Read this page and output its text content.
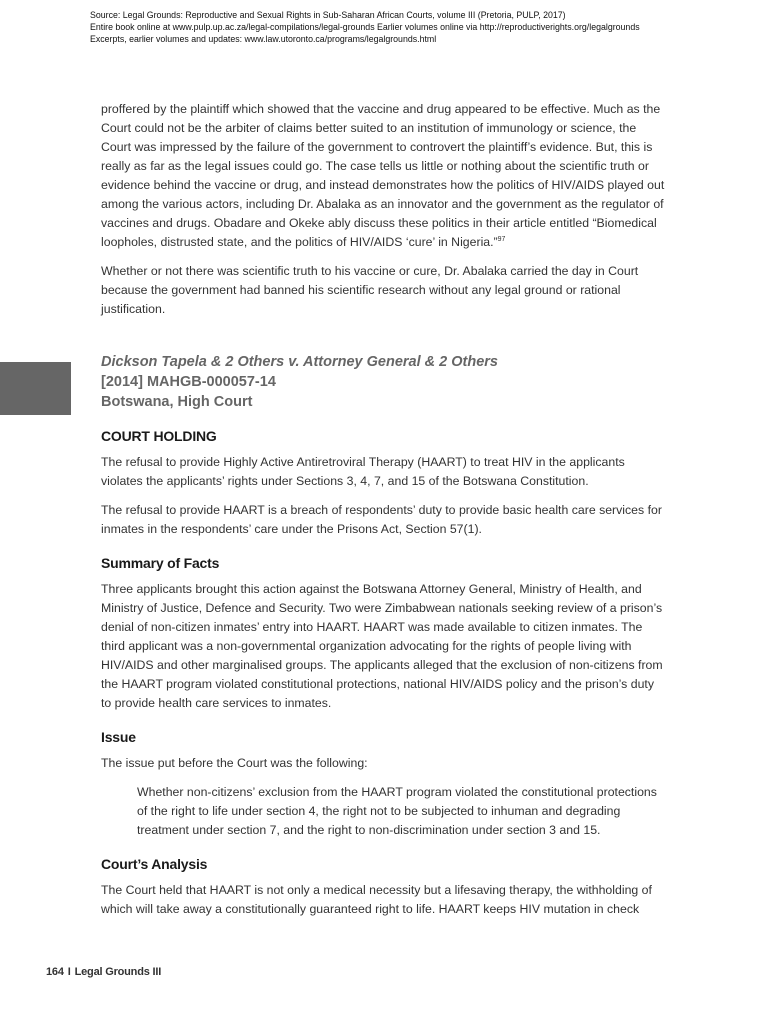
Source: Legal Grounds: Reproductive and Sexual Rights in Sub-Saharan African Courts, volume III (Pretoria, PULP, 2017)
Entire book online at www.pulp.up.ac.za/legal-compilations/legal-grounds Earlier volumes online via http://reproductiverights.org/legalgrounds
Excerpts, earlier volumes and updates: www.law.utoronto.ca/programs/legalgrounds.html

proffered by the plaintiff which showed that the vaccine and drug appeared to be effective. Much as the Court could not be the arbiter of claims better suited to an institution of immunology or science, the Court was impressed by the failure of the government to controvert the plaintiff’s evidence. But, this is really as far as the legal issues could go. The case tells us little or nothing about the scientific truth or evidence behind the vaccine or drug, and instead demonstrates how the politics of HIV/AIDS played out among the various actors, including Dr. Abalaka as an innovator and the government as the regulator of vaccines and drugs. Obadare and Okeke ably discuss these politics in their article entitled “Biomedical loopholes, distrusted state, and the politics of HIV/AIDS ‘cure’ in Nigeria.”$^{97}$

Whether or not there was scientific truth to his vaccine or cure, Dr. Abalaka carried the day in Court because the government had banned his scientific research without any legal ground or rational justification.

Dickson Tapela & 2 Others v. Attorney General & 2 Others
[2014] MAHGB-000057-14
Botswana, High Court
COURT HOLDING

The refusal to provide Highly Active Antiretroviral Therapy (HAART) to treat HIV in the applicants violates the applicants’ rights under Sections 3, 4, 7, and 15 of the Botswana Constitution.

The refusal to provide HAART is a breach of respondents’ duty to provide basic health care services for inmates in the respondents’ care under the Prisons Act, Section 57(1).

Summary of Facts

Three applicants brought this action against the Botswana Attorney General, Ministry of Health, and Ministry of Justice, Defence and Security. Two were Zimbabwean nationals seeking review of a prison’s denial of non-citizen inmates’ entry into HAART. HAART was made available to citizen inmates. The third applicant was a non-governmental organization advocating for the rights of people living with HIV/AIDS and other marginalised groups. The applicants alleged that the exclusion of non-citizens from the HAART program violated constitutional protections, national HIV/AIDS policy and the prison’s duty to provide health care services to inmates.

Issue

The issue put before the Court was the following:

Whether non-citizens’ exclusion from the HAART program violated the constitutional protections of the right to life under section 4, the right not to be subjected to inhuman and degrading treatment under section 7, and the right to non-discrimination under section 3 and 15.

Court’s Analysis

The Court held that HAART is not only a medical necessity but a lifesaving therapy, the withholding of which will take away a constitutionally guaranteed right to life. HAART keeps HIV mutation in check

164 I Legal Grounds III
